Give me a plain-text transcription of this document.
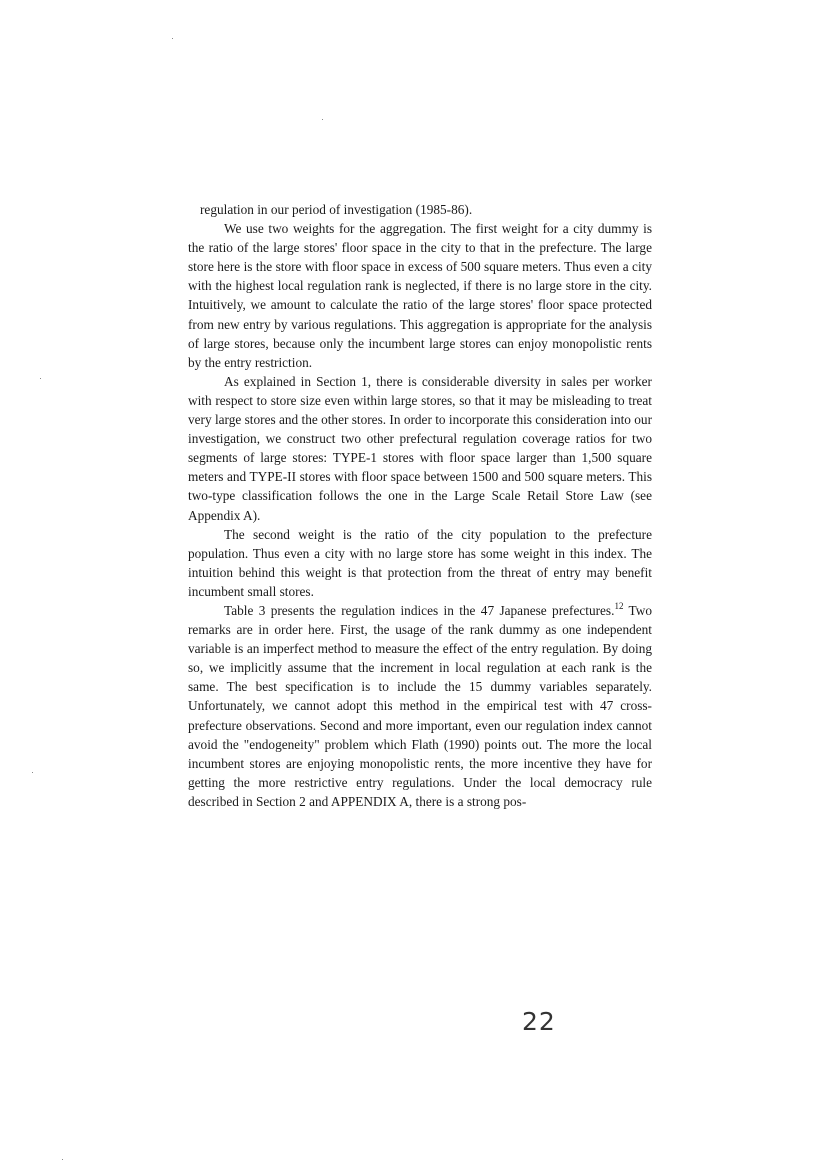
regulation in our period of investigation (1985-86).

We use two weights for the aggregation. The first weight for a city dummy is the ratio of the large stores' floor space in the city to that in the prefecture. The large store here is the store with floor space in excess of 500 square meters. Thus even a city with the highest local regulation rank is neglected, if there is no large store in the city. Intuitively, we amount to calculate the ratio of the large stores' floor space protected from new entry by various regulations. This aggregation is appropriate for the analysis of large stores, because only the incumbent large stores can enjoy monopolistic rents by the entry restriction.

As explained in Section 1, there is considerable diversity in sales per worker with respect to store size even within large stores, so that it may be misleading to treat very large stores and the other stores. In order to incorporate this consideration into our investigation, we construct two other prefectural regulation coverage ratios for two segments of large stores: TYPE-1 stores with floor space larger than 1,500 square meters and TYPE-II stores with floor space between 1500 and 500 square meters. This two-type classification follows the one in the Large Scale Retail Store Law (see Appendix A).

The second weight is the ratio of the city population to the prefecture population. Thus even a city with no large store has some weight in this index. The intuition behind this weight is that protection from the threat of entry may benefit incumbent small stores.

Table 3 presents the regulation indices in the 47 Japanese prefectures.$^{12}$ Two remarks are in order here. First, the usage of the rank dummy as one independent variable is an imperfect method to measure the effect of the entry regulation. By doing so, we implicitly assume that the increment in local regulation at each rank is the same. The best specification is to include the 15 dummy variables separately. Unfortunately, we cannot adopt this method in the empirical test with 47 cross-prefecture observations. Second and more important, even our regulation index cannot avoid the "endogeneity" problem which Flath (1990) points out. The more the local incumbent stores are enjoying monopolistic rents, the more incentive they have for getting the more restrictive entry regulations. Under the local democracy rule described in Section 2 and APPENDIX A, there is a strong pos-

22
